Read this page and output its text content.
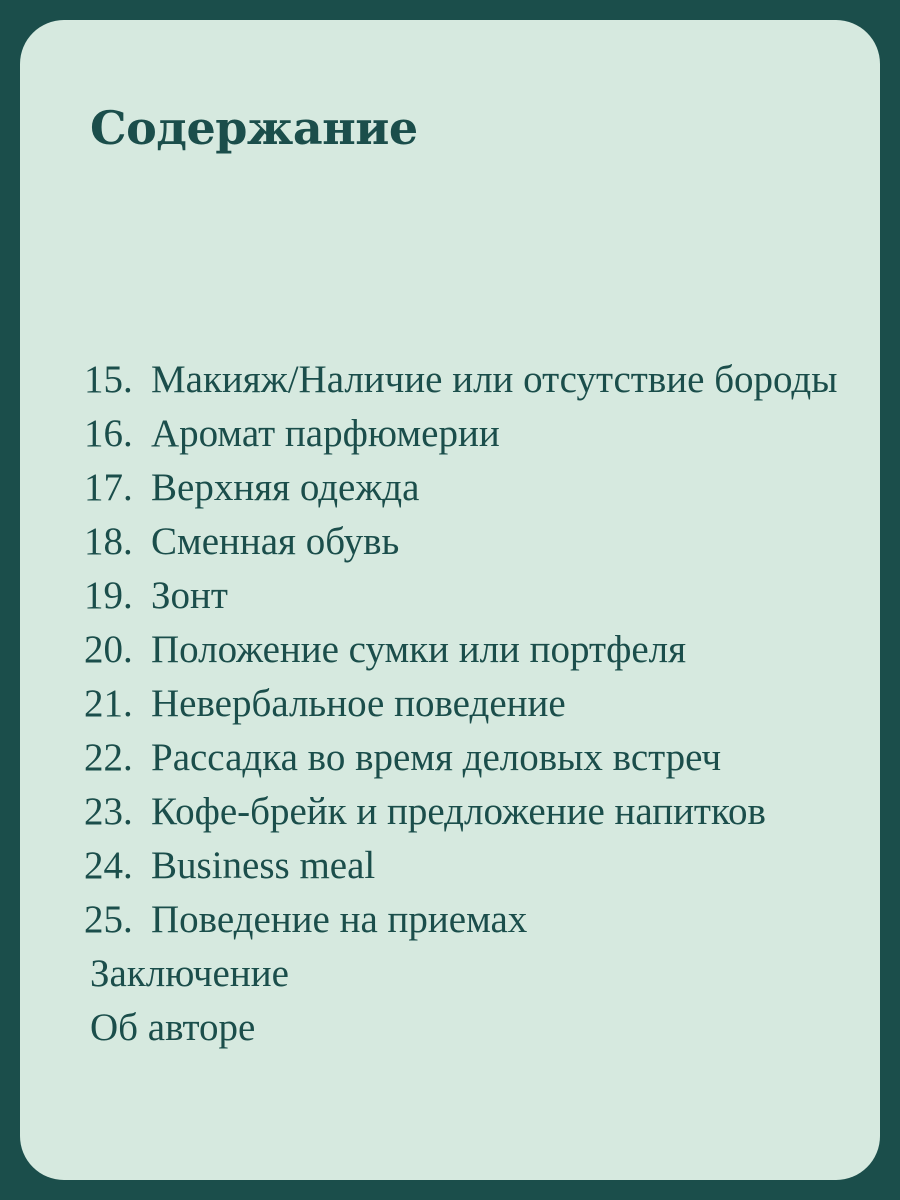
Содержание
15. Макияж/Наличие или отсутствие бороды
16. Аромат парфюмерии
17. Верхняя одежда
18. Сменная обувь
19. Зонт
20. Положение сумки или портфеля
21. Невербальное поведение
22. Рассадка во время деловых встреч
23. Кофе-брейк и предложение напитков
24. Business meal
25. Поведение на приемах
Заключение
Об авторе
